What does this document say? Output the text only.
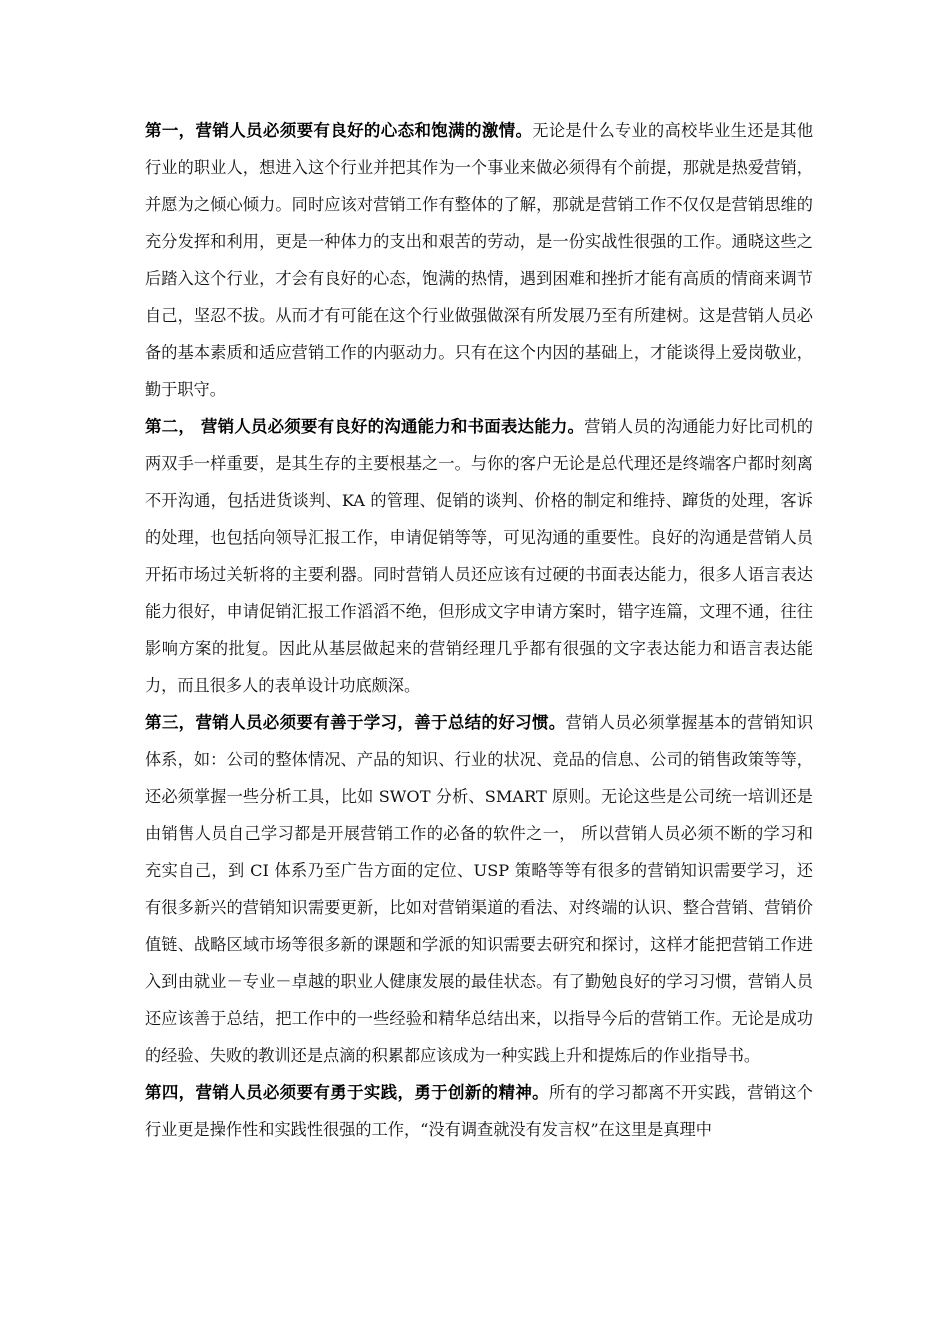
第一，营销人员必须要有良好的心态和饱满的激情。无论是什么专业的高校毕业生还是其他行业的职业人，想进入这个行业并把其作为一个事业来做必须得有个前提，那就是热爱营销，并愿为之倾心倾力。同时应该对营销工作有整体的了解，那就是营销工作不仅仅是营销思维的充分发挥和利用，更是一种体力的支出和艰苦的劳动，是一份实战性很强的工作。通晓这些之后踏入这个行业，才会有良好的心态，饱满的热情，遇到困难和挫折才能有高质的情商来调节自己，坚忍不拔。从而才有可能在这个行业做强做深有所发展乃至有所建树。这是营销人员必备的基本素质和适应营销工作的内驱动力。只有在这个内因的基础上，才能谈得上爱岗敬业，勤于职守。

第二， 营销人员必须要有良好的沟通能力和书面表达能力。营销人员的沟通能力好比司机的两双手一样重要，是其生存的主要根基之一。与你的客户无论是总代理还是终端客户都时刻离不开沟通，包括进货谈判、KA 的管理、促销的谈判、价格的制定和维持、蹿货的处理，客诉的处理，也包括向领导汇报工作，申请促销等等，可见沟通的重要性。良好的沟通是营销人员开拓市场过关斩将的主要利器。同时营销人员还应该有过硬的书面表达能力，很多人语言表达能力很好，申请促销汇报工作滔滔不绝，但形成文字申请方案时，错字连篇，文理不通，往往影响方案的批复。因此从基层做起来的营销经理几乎都有很强的文字表达能力和语言表达能力，而且很多人的表单设计功底颇深。

第三，营销人员必须要有善于学习，善于总结的好习惯。营销人员必须掌握基本的营销知识体系，如：公司的整体情况、产品的知识、行业的状况、竞品的信息、公司的销售政策等等，还必须掌握一些分析工具，比如 SWOT 分析、SMART 原则。无论这些是公司统一培训还是由销售人员自己学习都是开展营销工作的必备的软件之一， 所以营销人员必须不断的学习和充实自己，到 CI 体系乃至广告方面的定位、USP 策略等等有很多的营销知识需要学习，还有很多新兴的营销知识需要更新，比如对营销渠道的看法、对终端的认识、整合营销、营销价值链、战略区域市场等很多新的课题和学派的知识需要去研究和探讨，这样才能把营销工作进入到由就业－专业－卓越的职业人健康发展的最佳状态。有了勤勉良好的学习习惯，营销人员还应该善于总结，把工作中的一些经验和精华总结出来，以指导今后的营销工作。无论是成功的经验、失败的教训还是点滴的积累都应该成为一种实践上升和提炼后的作业指导书。

第四，营销人员必须要有勇于实践，勇于创新的精神。所有的学习都离不开实践，营销这个行业更是操作性和实践性很强的工作，“没有调查就没有发言权”在这里是真理中
